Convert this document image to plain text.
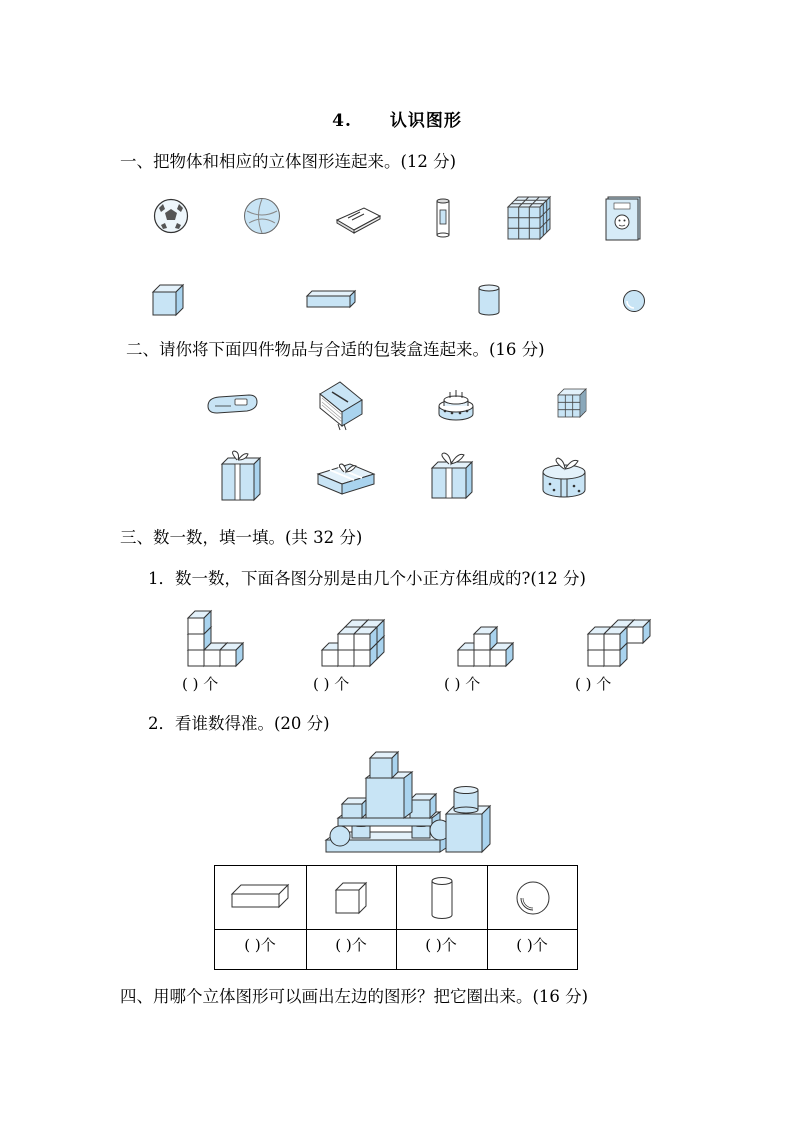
4. 认识图形
一、把物体和相应的立体图形连起来。(12 分)
二、请你将下面四件物品与合适的包装盒连起来。(16 分)
三、数一数，填一填。(共 32 分)
1．数一数，下面各图分别是由几个小正方体组成的?(12 分)
( ) 个	( ) 个	( ) 个	( ) 个
2．看谁数得准。(20 分)
( )个	( )个	( )个	( )个
四、用哪个立体图形可以画出左边的图形？把它圈出来。(16 分)
